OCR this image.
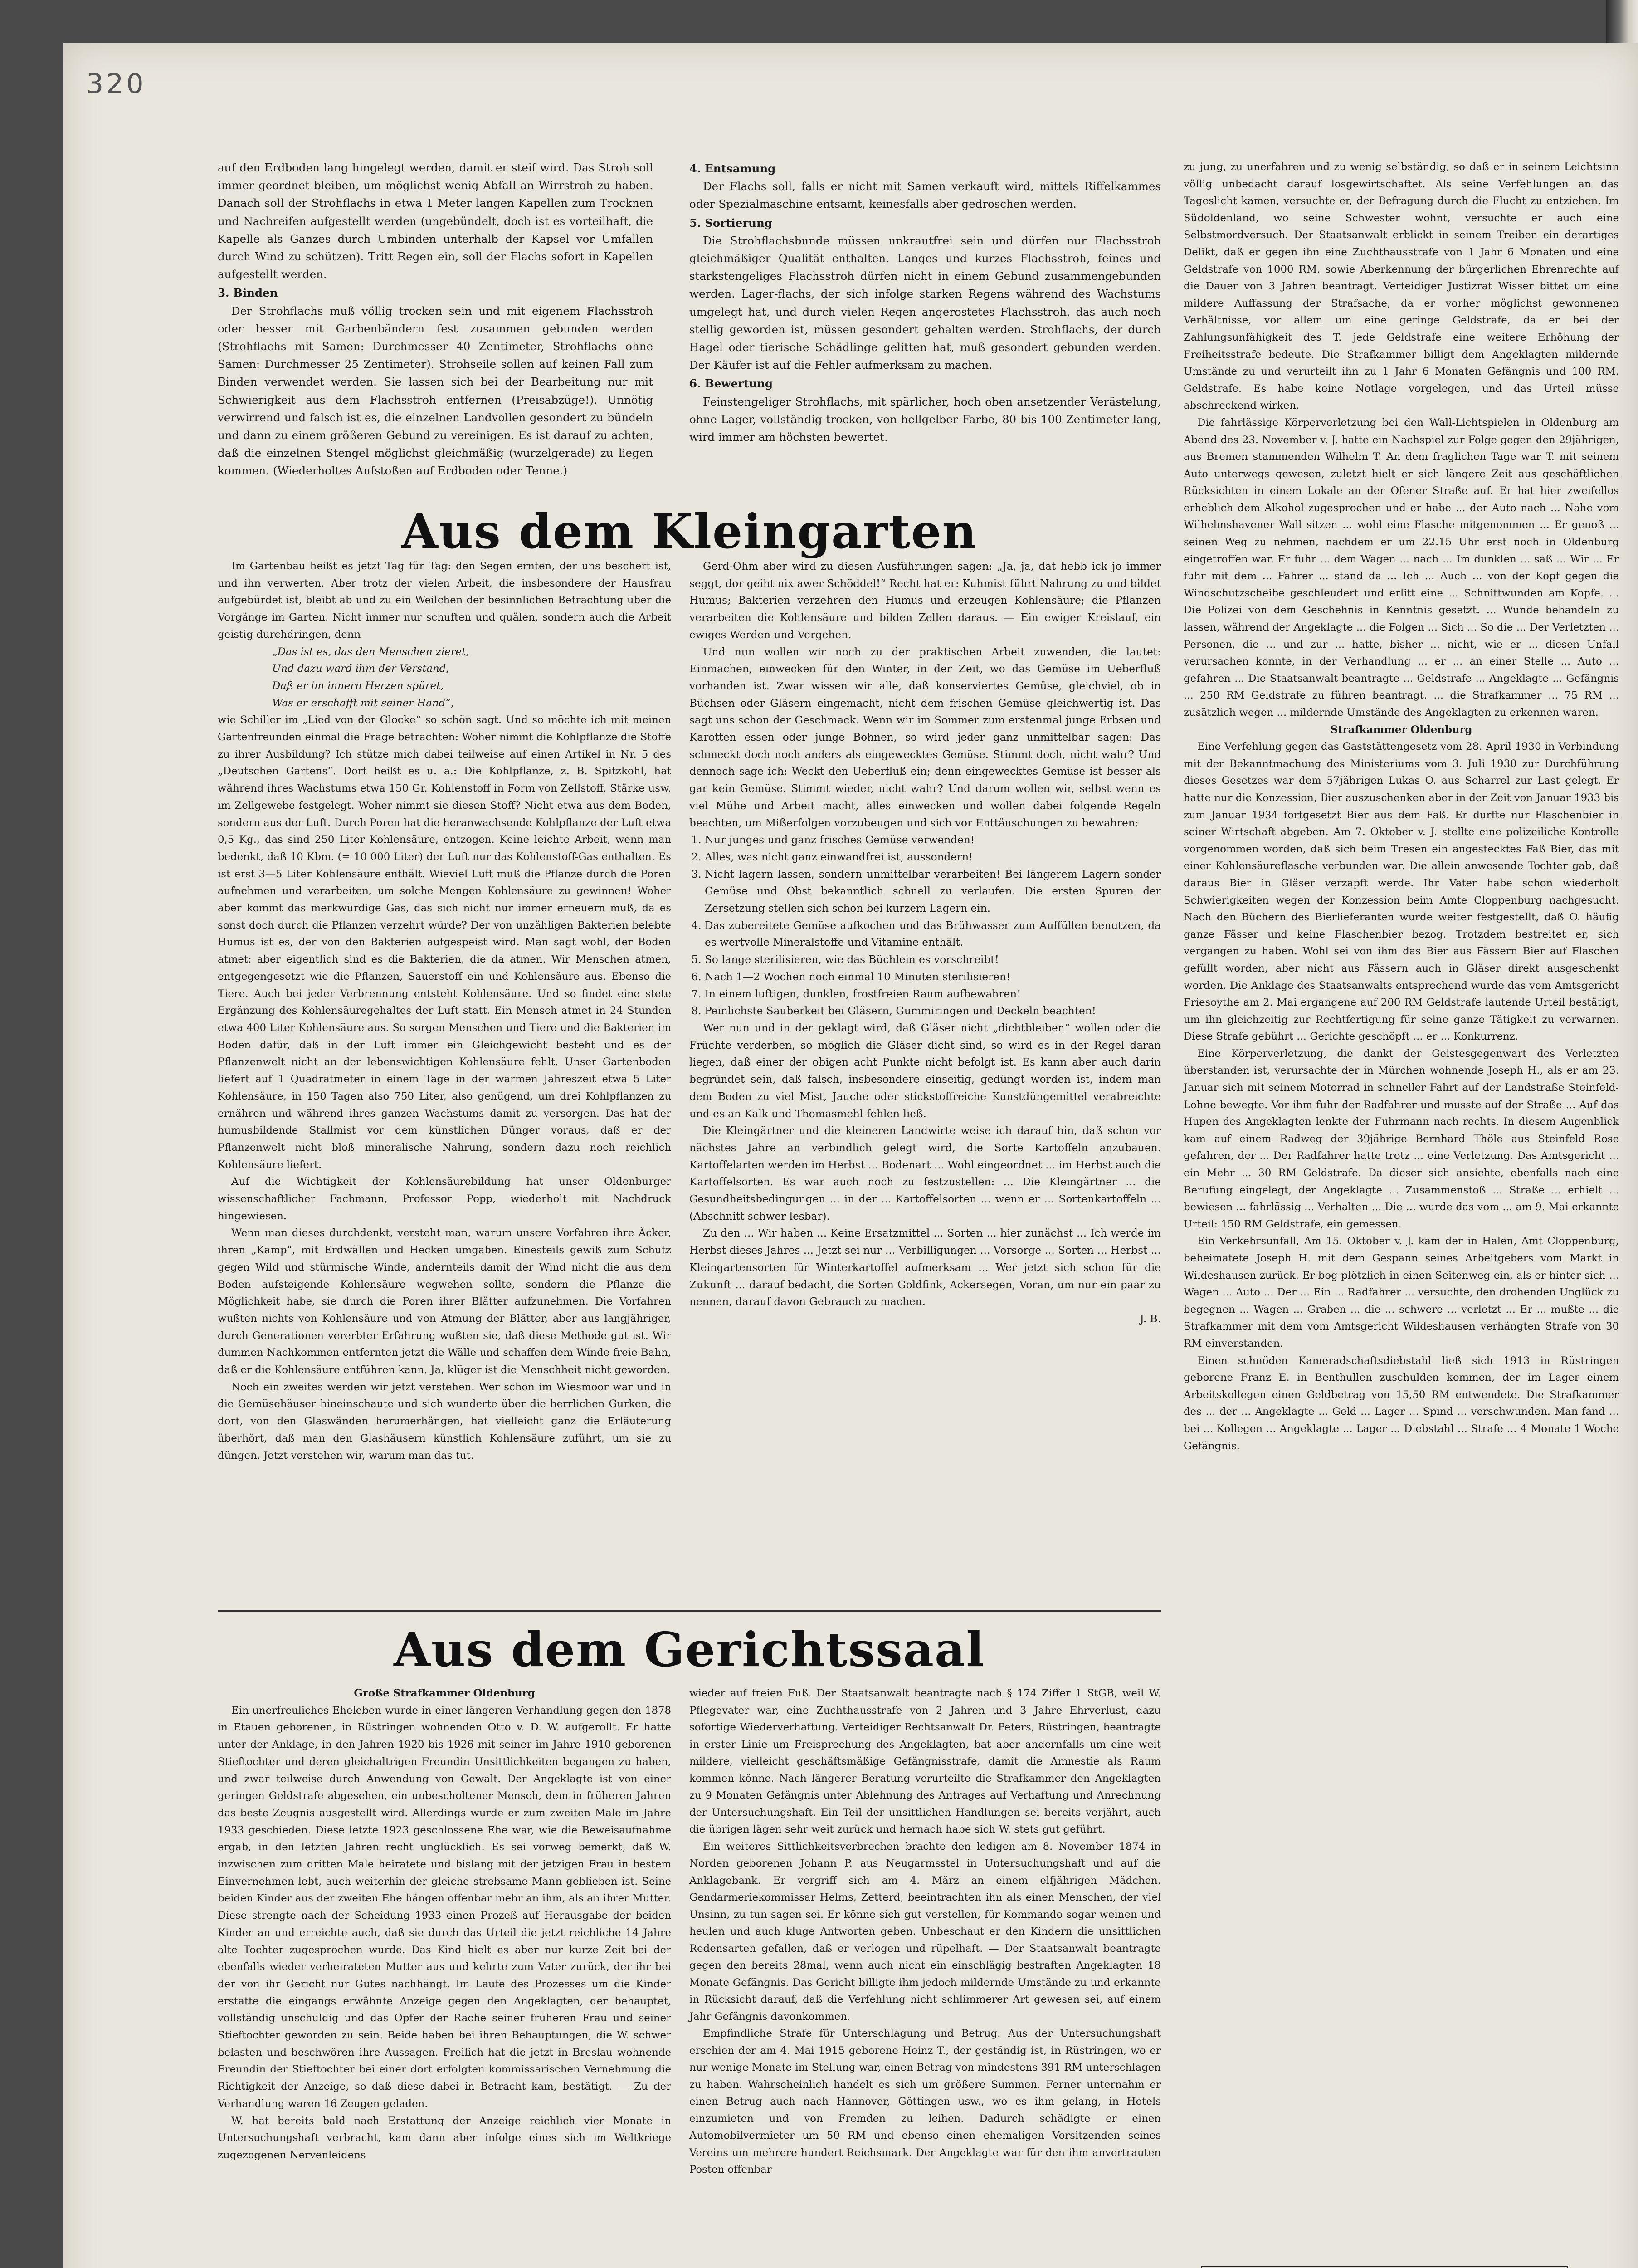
320

auf den Erdboden lang hingelegt werden, damit er steif wird. Das Stroh soll immer geordnet bleiben, um möglichst wenig Abfall an Wirrstroh zu haben. Danach soll der Strohflachs in etwa 1 Meter langen Kapellen zum Trocknen und Nachreifen aufgestellt werden (ungebündelt, doch ist es vorteilhaft, die Kapelle als Ganzes durch Umbinden unterhalb der Kapsel vor Umfallen durch Wind zu schützen). Tritt Regen ein, soll der Flachs sofort in Kapellen aufgestellt werden.

3. Binden

Der Strohflachs muß völlig trocken sein und mit eigenem Flachsstroh oder besser mit Garbenbändern fest zusammen gebunden werden (Strohflachs mit Samen: Durchmesser 40 Zentimeter, Strohflachs ohne Samen: Durchmesser 25 Zentimeter). Strohseile sollen auf keinen Fall zum Binden verwendet werden. Sie lassen sich bei der Bearbeitung nur mit Schwierigkeit aus dem Flachsstroh entfernen (Preisabzüge!). Unnötig verwirrend und falsch ist es, die einzelnen Landvollen gesondert zu bündeln und dann zu einem größeren Gebund zu vereinigen. Es ist darauf zu achten, daß die einzelnen Stengel möglichst gleichmäßig (wurzelgerade) zu liegen kommen. (Wiederholtes Aufstoßen auf Erdboden oder Tenne.)

4. Entsamung

Der Flachs soll, falls er nicht mit Samen verkauft wird, mittels Riffelkammes oder Spezialmaschine entsamt, keinesfalls aber gedroschen werden.

5. Sortierung

Die Strohflachsbunde müssen unkrautfrei sein und dürfen nur Flachsstroh gleichmäßiger Qualität enthalten. Langes und kurzes Flachsstroh, feines und starkstengeliges Flachsstroh dürfen nicht in einem Gebund zusammengebunden werden. Lager-flachs, der sich infolge starken Regens während des Wachstums umgelegt hat, und durch vielen Regen angerostetes Flachsstroh, das auch noch stellig geworden ist, müssen gesondert gehalten werden. Strohflachs, der durch Hagel oder tierische Schädlinge gelitten hat, muß gesondert gebunden werden. Der Käufer ist auf die Fehler aufmerksam zu machen.

6. Bewertung

Feinstengeliger Strohflachs, mit spärlicher, hoch oben ansetzender Verästelung, ohne Lager, vollständig trocken, von hellgelber Farbe, 80 bis 100 Zentimeter lang, wird immer am höchsten bewertet.

Aus dem Kleingarten

Im Gartenbau heißt es jetzt Tag für Tag: den Segen ernten, der uns beschert ist, und ihn verwerten. Aber trotz der vielen Arbeit, die insbesondere der Hausfrau aufgebürdet ist, bleibt ab und zu ein Weilchen der besinnlichen Betrachtung über die Vorgänge im Garten. Nicht immer nur schuften und quälen, sondern auch die Arbeit geistig durchdringen, denn

„Das ist es, das den Menschen zieret,

Und dazu ward ihm der Verstand,

Daß er im innern Herzen spüret,

Was er erschafft mit seiner Hand“,

wie Schiller im „Lied von der Glocke“ so schön sagt. Und so möchte ich mit meinen Gartenfreunden einmal die Frage betrachten: Woher nimmt die Kohlpflanze die Stoffe zu ihrer Ausbildung? Ich stütze mich dabei teilweise auf einen Artikel in Nr. 5 des „Deutschen Gartens“. Dort heißt es u. a.: Die Kohlpflanze, z. B. Spitzkohl, hat während ihres Wachstums etwa 150 Gr. Kohlenstoff in Form von Zellstoff, Stärke usw. im Zellgewebe festgelegt. Woher nimmt sie diesen Stoff? Nicht etwa aus dem Boden, sondern aus der Luft. Durch Poren hat die heranwachsende Kohlpflanze der Luft etwa 0,5 Kg., das sind 250 Liter Kohlensäure, entzogen. Keine leichte Arbeit, wenn man bedenkt, daß 10 Kbm. (= 10 000 Liter) der Luft nur das Kohlenstoff-Gas enthalten. Es ist erst 3—5 Liter Kohlensäure enthält. Wieviel Luft muß die Pflanze durch die Poren aufnehmen und verarbeiten, um solche Mengen Kohlensäure zu gewinnen! Woher aber kommt das merkwürdige Gas, das sich nicht nur immer erneuern muß, da es sonst doch durch die Pflanzen verzehrt würde? Der von unzähligen Bakterien belebte Humus ist es, der von den Bakterien aufgespeist wird. Man sagt wohl, der Boden atmet: aber eigentlich sind es die Bakterien, die da atmen. Wir Menschen atmen, entgegengesetzt wie die Pflanzen, Sauerstoff ein und Kohlensäure aus. Ebenso die Tiere. Auch bei jeder Verbrennung entsteht Kohlensäure. Und so findet eine stete Ergänzung des Kohlensäuregehaltes der Luft statt. Ein Mensch atmet in 24 Stunden etwa 400 Liter Kohlensäure aus. So sorgen Menschen und Tiere und die Bakterien im Boden dafür, daß in der Luft immer ein Gleichgewicht besteht und es der Pflanzenwelt nicht an der lebenswichtigen Kohlensäure fehlt. Unser Gartenboden liefert auf 1 Quadratmeter in einem Tage in der warmen Jahreszeit etwa 5 Liter Kohlensäure, in 150 Tagen also 750 Liter, also genügend, um drei Kohlpflanzen zu ernähren und während ihres ganzen Wachstums damit zu versorgen. Das hat der humusbildende Stallmist vor dem künstlichen Dünger voraus, daß er der Pflanzenwelt nicht bloß mineralische Nahrung, sondern dazu noch reichlich Kohlensäure liefert.

Auf die Wichtigkeit der Kohlensäurebildung hat unser Oldenburger wissenschaftlicher Fachmann, Professor Popp, wiederholt mit Nachdruck hingewiesen.

Wenn man dieses durchdenkt, versteht man, warum unsere Vorfahren ihre Äcker, ihren „Kamp“, mit Erdwällen und Hecken umgaben. Einesteils gewiß zum Schutz gegen Wild und stürmische Winde, andernteils damit der Wind nicht die aus dem Boden aufsteigende Kohlensäure wegwehen sollte, sondern die Pflanze die Möglichkeit habe, sie durch die Poren ihrer Blätter aufzunehmen. Die Vorfahren wußten nichts von Kohlensäure und von Atmung der Blätter, aber aus langjähriger, durch Generationen vererbter Erfahrung wußten sie, daß diese Methode gut ist. Wir dummen Nachkommen entfernten jetzt die Wälle und schaffen dem Winde freie Bahn, daß er die Kohlensäure entführen kann. Ja, klüger ist die Menschheit nicht geworden.

Noch ein zweites werden wir jetzt verstehen. Wer schon im Wiesmoor war und in die Gemüsehäuser hineinschaute und sich wunderte über die herrlichen Gurken, die dort, von den Glaswänden herumerhängen, hat vielleicht ganz die Erläuterung überhört, daß man den Glashäusern künstlich Kohlensäure zuführt, um sie zu düngen. Jetzt verstehen wir, warum man das tut.

Gerd-Ohm aber wird zu diesen Ausführungen sagen: „Ja, ja, dat hebb ick jo immer seggt, dor geiht nix awer Schöddel!“ Recht hat er: Kuhmist führt Nahrung zu und bildet Humus; Bakterien verzehren den Humus und erzeugen Kohlensäure; die Pflanzen verarbeiten die Kohlensäure und bilden Zellen daraus. — Ein ewiger Kreislauf, ein ewiges Werden und Vergehen.

Und nun wollen wir noch zu der praktischen Arbeit zuwenden, die lautet: Einmachen, einwecken für den Winter, in der Zeit, wo das Gemüse im Ueberfluß vorhanden ist. Zwar wissen wir alle, daß konserviertes Gemüse, gleichviel, ob in Büchsen oder Gläsern eingemacht, nicht dem frischen Gemüse gleichwertig ist. Das sagt uns schon der Geschmack. Wenn wir im Sommer zum erstenmal junge Erbsen und Karotten essen oder junge Bohnen, so wird jeder ganz unmittelbar sagen: Das schmeckt doch noch anders als eingewecktes Gemüse. Stimmt doch, nicht wahr? Und dennoch sage ich: Weckt den Ueberfluß ein; denn eingewecktes Gemüse ist besser als gar kein Gemüse. Stimmt wieder, nicht wahr? Und darum wollen wir, selbst wenn es viel Mühe und Arbeit macht, alles einwecken und wollen dabei folgende Regeln beachten, um Mißerfolgen vorzubeugen und sich vor Enttäuschungen zu bewahren:

1. Nur junges und ganz frisches Gemüse verwenden!
2. Alles, was nicht ganz einwandfrei ist, aussondern!
3. Nicht lagern lassen, sondern unmittelbar verarbeiten! Bei längerem Lagern sonder Gemüse und Obst bekanntlich schnell zu verlaufen. Die ersten Spuren der Zersetzung stellen sich schon bei kurzem Lagern ein.
4. Das zubereitete Gemüse aufkochen und das Brühwasser zum Auffüllen benutzen, da es wertvolle Mineralstoffe und Vitamine enthält.
5. So lange sterilisieren, wie das Büchlein es vorschreibt!
6. Nach 1—2 Wochen noch einmal 10 Minuten sterilisieren!
7. In einem luftigen, dunklen, frostfreien Raum aufbewahren!
8. Peinlichste Sauberkeit bei Gläsern, Gummiringen und Deckeln beachten!

Wer nun und in der geklagt wird, daß Gläser nicht „dichtbleiben“ wollen oder die Früchte verderben, so möglich die Gläser dicht sind, so wird es in der Regel daran liegen, daß einer der obigen acht Punkte nicht befolgt ist. Es kann aber auch darin begründet sein, daß falsch, insbesondere einseitig, gedüngt worden ist, indem man dem Boden zu viel Mist, Jauche oder stickstoffreiche Kunstdüngemittel verabreichte und es an Kalk und Thomasmehl fehlen ließ.

Die Kleingärtner und die kleineren Landwirte weise ich darauf hin, daß schon vor nächstes Jahre an verbindlich gelegt wird, die Sorte Kartoffeln anzubauen. Kartoffelarten werden im Herbst ... Bodenart ... Wohl eingeordnet ... im Herbst auch die Kartoffelsorten. Es war auch noch zu festzustellen: ... Die Kleingärtner ... die Gesundheitsbedingungen ... in der ... Kartoffelsorten ... wenn er ... Sortenkartoffeln ... (Abschnitt schwer lesbar).

Zu den ... Wir haben ... Keine Ersatzmittel ... Sorten ... hier zunächst ... Ich werde im Herbst dieses Jahres ... Jetzt sei nur ... Verbilligungen ... Vorsorge ... Sorten ... Herbst ... Kleingartensorten für Winterkartoffel aufmerksam ... Wer jetzt sich schon für die Zukunft ... darauf bedacht, die Sorten Goldfink, Ackersegen, Voran, um nur ein paar zu nennen, darauf davon Gebrauch zu machen.

J. B.

zu jung, zu unerfahren und zu wenig selbständig, so daß er in seinem Leichtsinn völlig unbedacht darauf losgewirtschaftet. Als seine Verfehlungen an das Tageslicht kamen, versuchte er, der Befragung durch die Flucht zu entziehen. Im Südoldenland, wo seine Schwester wohnt, versuchte er auch eine Selbstmordversuch. Der Staatsanwalt erblickt in seinem Treiben ein derartiges Delikt, daß er gegen ihn eine Zuchthausstrafe von 1 Jahr 6 Monaten und eine Geldstrafe von 1000 RM. sowie Aberkennung der bürgerlichen Ehrenrechte auf die Dauer von 3 Jahren beantragt. Verteidiger Justizrat Wisser bittet um eine mildere Auffassung der Strafsache, da er vorher möglichst gewonnenen Verhältnisse, vor allem um eine geringe Geldstrafe, da er bei der Zahlungsunfähigkeit des T. jede Geldstrafe eine weitere Erhöhung der Freiheitsstrafe bedeute. Die Strafkammer billigt dem Angeklagten mildernde Umstände zu und verurteilt ihn zu 1 Jahr 6 Monaten Gefängnis und 100 RM. Geldstrafe. Es habe keine Notlage vorgelegen, und das Urteil müsse abschreckend wirken.

Die fahrlässige Körperverletzung bei den Wall-Lichtspielen in Oldenburg am Abend des 23. November v. J. hatte ein Nachspiel zur Folge gegen den 29jährigen, aus Bremen stammenden Wilhelm T. An dem fraglichen Tage war T. mit seinem Auto unterwegs gewesen, zuletzt hielt er sich längere Zeit aus geschäftlichen Rücksichten in einem Lokale an der Ofener Straße auf. Er hat hier zweifellos erheblich dem Alkohol zugesprochen und er habe ... der Auto nach ... Nahe vom Wilhelmshavener Wall sitzen ... wohl eine Flasche mitgenommen ... Er genoß ... seinen Weg zu nehmen, nachdem er um 22.15 Uhr erst noch in Oldenburg eingetroffen war. Er fuhr ... dem Wagen ... nach ... Im dunklen ... saß ... Wir ... Er fuhr mit dem ... Fahrer ... stand da ... Ich ... Auch ... von der Kopf gegen die Windschutzscheibe geschleudert und erlitt eine ... Schnittwunden am Kopfe. ... Die Polizei von dem Geschehnis in Kenntnis gesetzt. ... Wunde behandeln zu lassen, während der Angeklagte ... die Folgen ... Sich ... So die ... Der Verletzten ... Personen, die ... und zur ... hatte, bisher ... nicht, wie er ... diesen Unfall verursachen konnte, in der Verhandlung ... er ... an einer Stelle ... Auto ... gefahren ... Die Staatsanwalt beantragte ... Geldstrafe ... Angeklagte ... Gefängnis ... 250 RM Geldstrafe zu führen beantragt. ... die Strafkammer ... 75 RM ... zusätzlich wegen ... mildernde Umstände des Angeklagten zu erkennen waren.

Strafkammer Oldenburg

Eine Verfehlung gegen das Gaststättengesetz vom 28. April 1930 in Verbindung mit der Bekanntmachung des Ministeriums vom 3. Juli 1930 zur Durchführung dieses Gesetzes war dem 57jährigen Lukas O. aus Scharrel zur Last gelegt. Er hatte nur die Konzession, Bier auszuschenken aber in der Zeit von Januar 1933 bis zum Januar 1934 fortgesetzt Bier aus dem Faß. Er durfte nur Flaschenbier in seiner Wirtschaft abgeben. Am 7. Oktober v. J. stellte eine polizeiliche Kontrolle vorgenommen worden, daß sich beim Tresen ein angestecktes Faß Bier, das mit einer Kohlensäureflasche verbunden war. Die allein anwesende Tochter gab, daß daraus Bier in Gläser verzapft werde. Ihr Vater habe schon wiederholt Schwierigkeiten wegen der Konzession beim Amte Cloppenburg nachgesucht. Nach den Büchern des Bierlieferanten wurde weiter festgestellt, daß O. häufig ganze Fässer und keine Flaschenbier bezog. Trotzdem bestreitet er, sich vergangen zu haben. Wohl sei von ihm das Bier aus Fässern Bier auf Flaschen gefüllt worden, aber nicht aus Fässern auch in Gläser direkt ausgeschenkt worden. Die Anklage des Staatsanwalts entsprechend wurde das vom Amtsgericht Friesoythe am 2. Mai ergangene auf 200 RM Geldstrafe lautende Urteil bestätigt, um ihn gleichzeitig zur Rechtfertigung für seine ganze Tätigkeit zu verwarnen. Diese Strafe gebührt ... Gerichte geschöpft ... er ... Konkurrenz.

Eine Körperverletzung, die dankt der Geistesgegenwart des Verletzten überstanden ist, verursachte der in Mürchen wohnende Joseph H., als er am 23. Januar sich mit seinem Motorrad in schneller Fahrt auf der Landstraße Steinfeld-Lohne bewegte. Vor ihm fuhr der Radfahrer und musste auf der Straße ... Auf das Hupen des Angeklagten lenkte der Fuhrmann nach rechts. In diesem Augenblick kam auf einem Radweg der 39jährige Bernhard Thöle aus Steinfeld Rose gefahren, der ... Der Radfahrer hatte trotz ... eine Verletzung. Das Amtsgericht ... ein Mehr ... 30 RM Geldstrafe. Da dieser sich ansichte, ebenfalls nach eine Berufung eingelegt, der Angeklagte ... Zusammenstoß ... Straße ... erhielt ... bewiesen ... fahrlässig ... Verhalten ... Die ... wurde das vom ... am 9. Mai erkannte Urteil: 150 RM Geldstrafe, ein gemessen.

Ein Verkehrsunfall, Am 15. Oktober v. J. kam der in Halen, Amt Cloppenburg, beheimatete Joseph H. mit dem Gespann seines Arbeitgebers vom Markt in Wildeshausen zurück. Er bog plötzlich in einen Seitenweg ein, als er hinter sich ... Wagen ... Auto ... Der ... Ein ... Radfahrer ... versuchte, den drohenden Unglück zu begegnen ... Wagen ... Graben ... die ... schwere ... verletzt ... Er ... mußte ... die Strafkammer mit dem vom Amtsgericht Wildeshausen verhängten Strafe von 30 RM einverstanden.

Einen schnöden Kameradschaftsdiebstahl ließ sich 1913 in Rüstringen geborene Franz E. in Benthullen zuschulden kommen, der im Lager einem Arbeitskollegen einen Geldbetrag von 15,50 RM entwendete. Die Strafkammer des ... der ... Angeklagte ... Geld ... Lager ... Spind ... verschwunden. Man fand ... bei ... Kollegen ... Angeklagte ... Lager ... Diebstahl ... Strafe ... 4 Monate 1 Woche Gefängnis.

Aus dem Gerichtssaal

Große Strafkammer Oldenburg

Ein unerfreuliches Eheleben wurde in einer längeren Verhandlung gegen den 1878 in Etauen geborenen, in Rüstringen wohnenden Otto v. D. W. aufgerollt. Er hatte unter der Anklage, in den Jahren 1920 bis 1926 mit seiner im Jahre 1910 geborenen Stieftochter und deren gleichaltrigen Freundin Unsittlichkeiten begangen zu haben, und zwar teilweise durch Anwendung von Gewalt. Der Angeklagte ist von einer geringen Geldstrafe abgesehen, ein unbescholtener Mensch, dem in früheren Jahren das beste Zeugnis ausgestellt wird. Allerdings wurde er zum zweiten Male im Jahre 1933 geschieden. Diese letzte 1923 geschlossene Ehe war, wie die Beweisaufnahme ergab, in den letzten Jahren recht unglücklich. Es sei vorweg bemerkt, daß W. inzwischen zum dritten Male heiratete und bislang mit der jetzigen Frau in bestem Einvernehmen lebt, auch weiterhin der gleiche strebsame Mann geblieben ist. Seine beiden Kinder aus der zweiten Ehe hängen offenbar mehr an ihm, als an ihrer Mutter. Diese strengte nach der Scheidung 1933 einen Prozeß auf Herausgabe der beiden Kinder an und erreichte auch, daß sie durch das Urteil die jetzt reichliche 14 Jahre alte Tochter zugesprochen wurde. Das Kind hielt es aber nur kurze Zeit bei der ebenfalls wieder verheirateten Mutter aus und kehrte zum Vater zurück, der ihr bei der von ihr Gericht nur Gutes nachhängt. Im Laufe des Prozesses um die Kinder erstatte die eingangs erwähnte Anzeige gegen den Angeklagten, der behauptet, vollständig unschuldig und das Opfer der Rache seiner früheren Frau und seiner Stieftochter geworden zu sein. Beide haben bei ihren Behauptungen, die W. schwer belasten und beschwören ihre Aussagen. Freilich hat die jetzt in Breslau wohnende Freundin der Stieftochter bei einer dort erfolgten kommissarischen Vernehmung die Richtigkeit der Anzeige, so daß diese dabei in Betracht kam, bestätigt. — Zu der Verhandlung waren 16 Zeugen geladen.

W. hat bereits bald nach Erstattung der Anzeige reichlich vier Monate in Untersuchungshaft verbracht, kam dann aber infolge eines sich im Weltkriege zugezogenen Nervenleidens

wieder auf freien Fuß. Der Staatsanwalt beantragte nach § 174 Ziffer 1 StGB, weil W. Pflegevater war, eine Zuchthausstrafe von 2 Jahren und 3 Jahre Ehrverlust, dazu sofortige Wiederverhaftung. Verteidiger Rechtsanwalt Dr. Peters, Rüstringen, beantragte in erster Linie um Freisprechung des Angeklagten, bat aber andernfalls um eine weit mildere, vielleicht geschäftsmäßige Gefängnisstrafe, damit die Amnestie als Raum kommen könne. Nach längerer Beratung verurteilte die Strafkammer den Angeklagten zu 9 Monaten Gefängnis unter Ablehnung des Antrages auf Verhaftung und Anrechnung der Untersuchungshaft. Ein Teil der unsittlichen Handlungen sei bereits verjährt, auch die übrigen lägen sehr weit zurück und hernach habe sich W. stets gut geführt.

Ein weiteres Sittlichkeitsverbrechen brachte den ledigen am 8. November 1874 in Norden geborenen Johann P. aus Neugarmsstel in Untersuchungshaft und auf die Anklagebank. Er vergriff sich am 4. März an einem elfjährigen Mädchen. Gendarmeriekommissar Helms, Zetterd, beeintrachten ihn als einen Menschen, der viel Unsinn, zu tun sagen sei. Er könne sich gut verstellen, für Kommando sogar weinen und heulen und auch kluge Antworten geben. Unbeschaut er den Kindern die unsittlichen Redensarten gefallen, daß er verlogen und rüpelhaft. — Der Staatsanwalt beantragte gegen den bereits 28mal, wenn auch nicht ein einschlägig bestraften Angeklagten 18 Monate Gefängnis. Das Gericht billigte ihm jedoch mildernde Umstände zu und erkannte in Rücksicht darauf, daß die Verfehlung nicht schlimmerer Art gewesen sei, auf einem Jahr Gefängnis davonkommen.

Empfindliche Strafe für Unterschlagung und Betrug. Aus der Untersuchungshaft erschien der am 4. Mai 1915 geborene Heinz T., der geständig ist, in Rüstringen, wo er nur wenige Monate im Stellung war, einen Betrag von mindestens 391 RM unterschlagen zu haben. Wahrscheinlich handelt es sich um größere Summen. Ferner unternahm er einen Betrug auch nach Hannover, Göttingen usw., wo es ihm gelang, in Hotels einzumieten und von Fremden zu leihen. Dadurch schädigte er einen Automobilvermieter um 50 RM und ebenso einen ehemaligen Vorsitzenden seines Vereins um mehrere hundert Reichsmark. Der Angeklagte war für den ihm anvertrauten Posten offenbar
